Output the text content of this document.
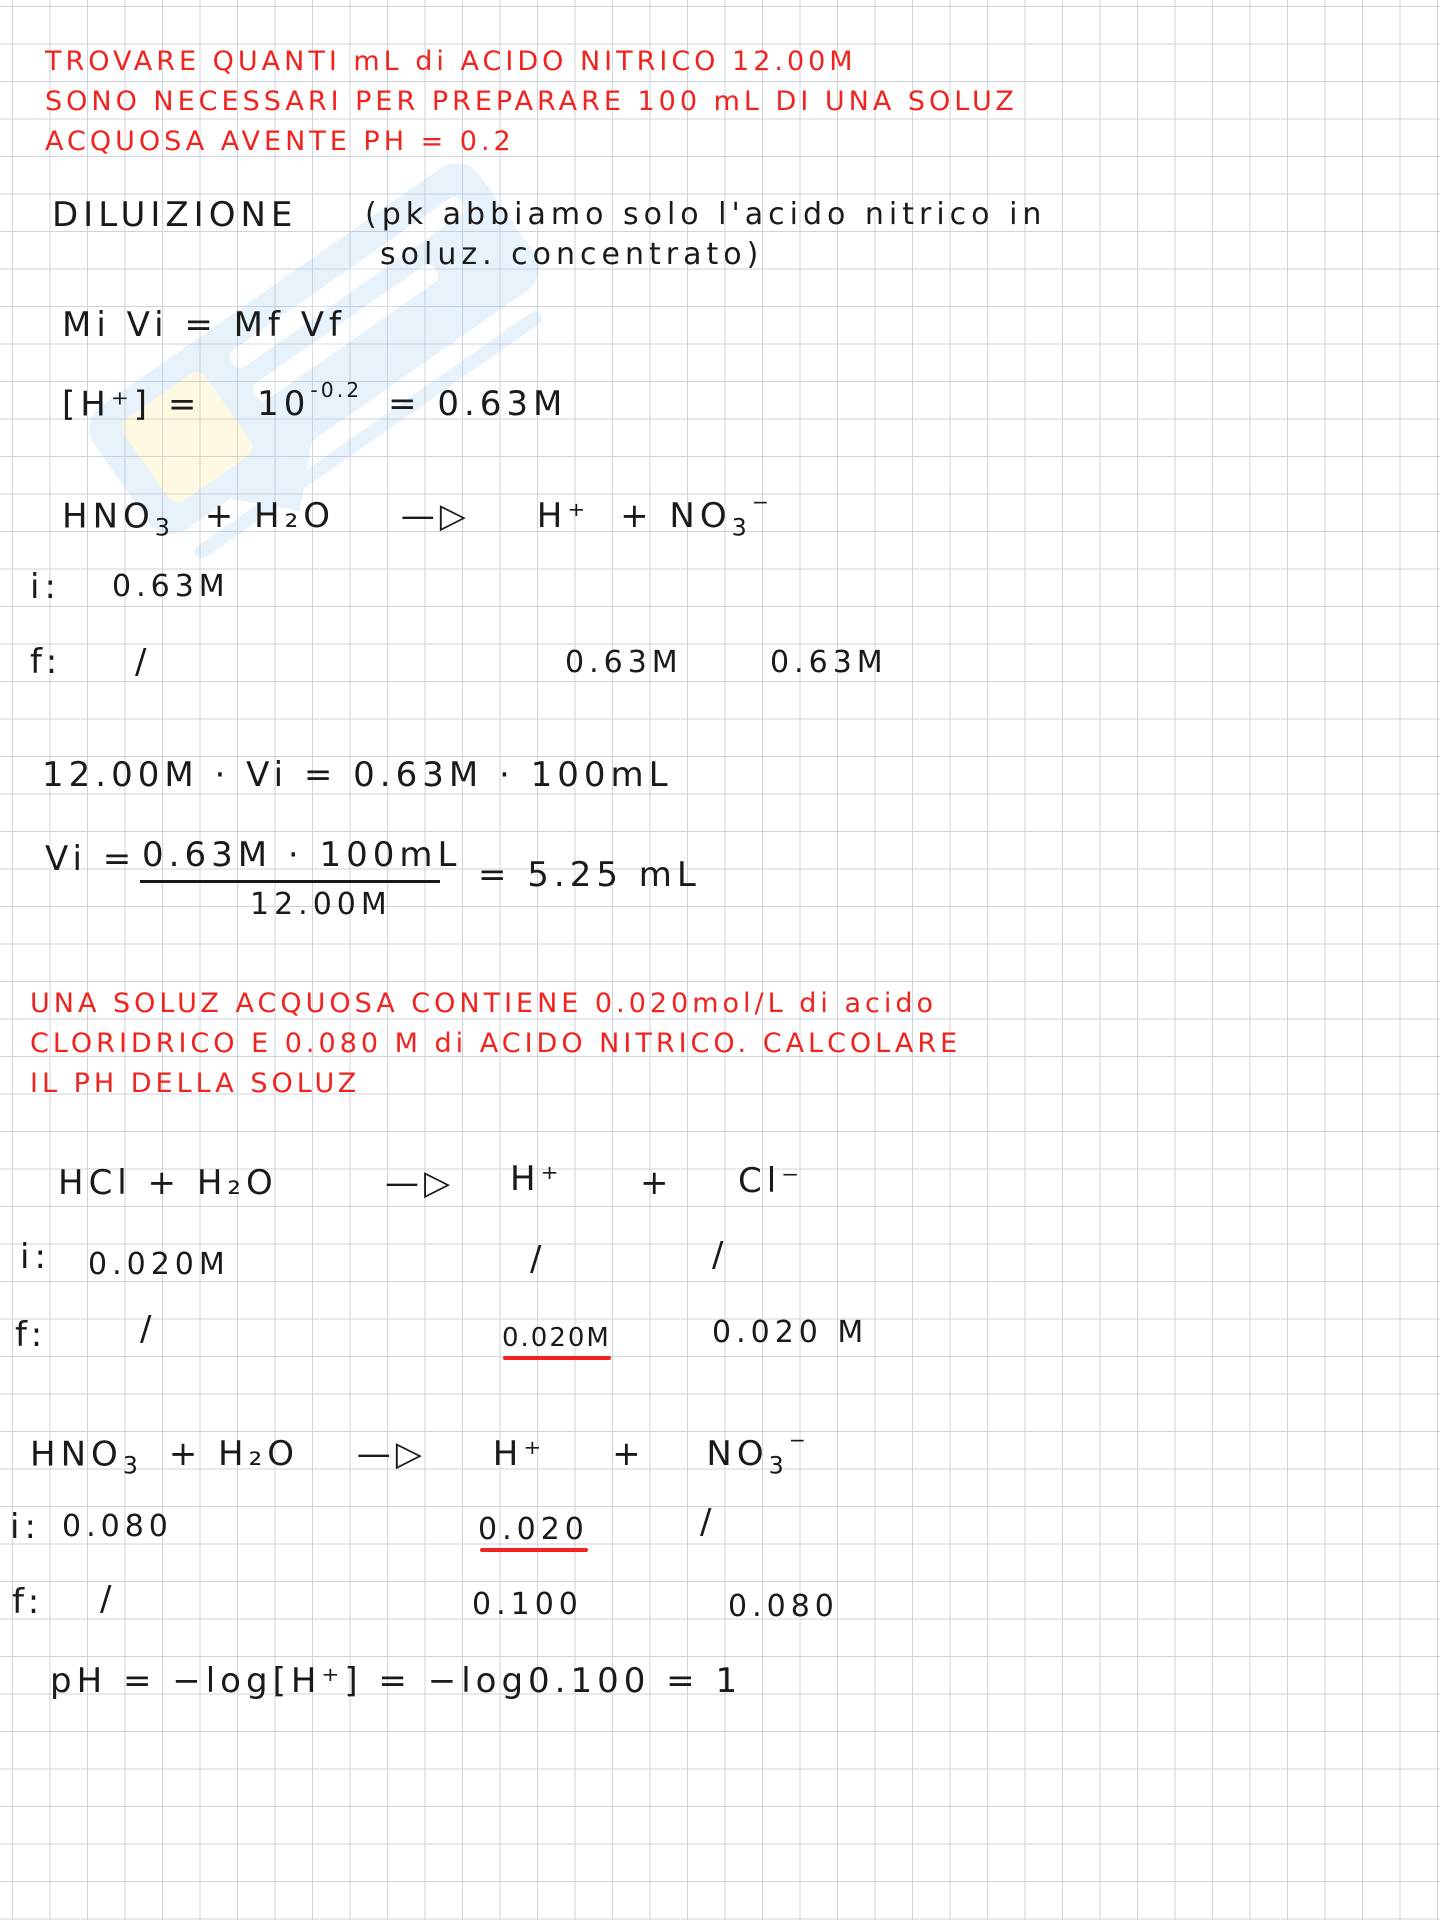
TROVARE QUANTI mL di ACIDO NITRICO 12.00M

SONO NECESSARI PER PREPARARE 100 mL DI UNA SOLUZ

ACQUOSA AVENTE PH = 0.2

DILUIZIONE (pk abbiamo solo l'acido nitrico in

soluz. concentrato)

Mi Vi = Mf Vf

$[H^+] = 10^{-0.2} = 0.63M$

$HNO_3 + H_2O$ —▷ $H^+ + NO_3^-$

i: 0.63M

f: /	0.63M	0.63M

12.00M · Vi = 0.63M · 100mL

Vi = 0.63M · 100mL

12.00M

= 5.25 mL

UNA SOLUZ ACQUOSA CONTIENE 0.020mol/L di acido

CLORIDRICO E 0.080 M di ACIDO NITRICO. CALCOLARE

IL PH DELLA SOLUZ

HCl + H₂O	—▷ H⁺ + Cl⁻

i: 0.020M	/	/

f:	/	0.020M	0.020 M

$HNO_3 + H_2O$ —▷ $H^+ + NO_3^-$

i: 0.080	0.020	/

f: /	0.100	0.080

pH = −log[H⁺] = −log0.100 = 1
